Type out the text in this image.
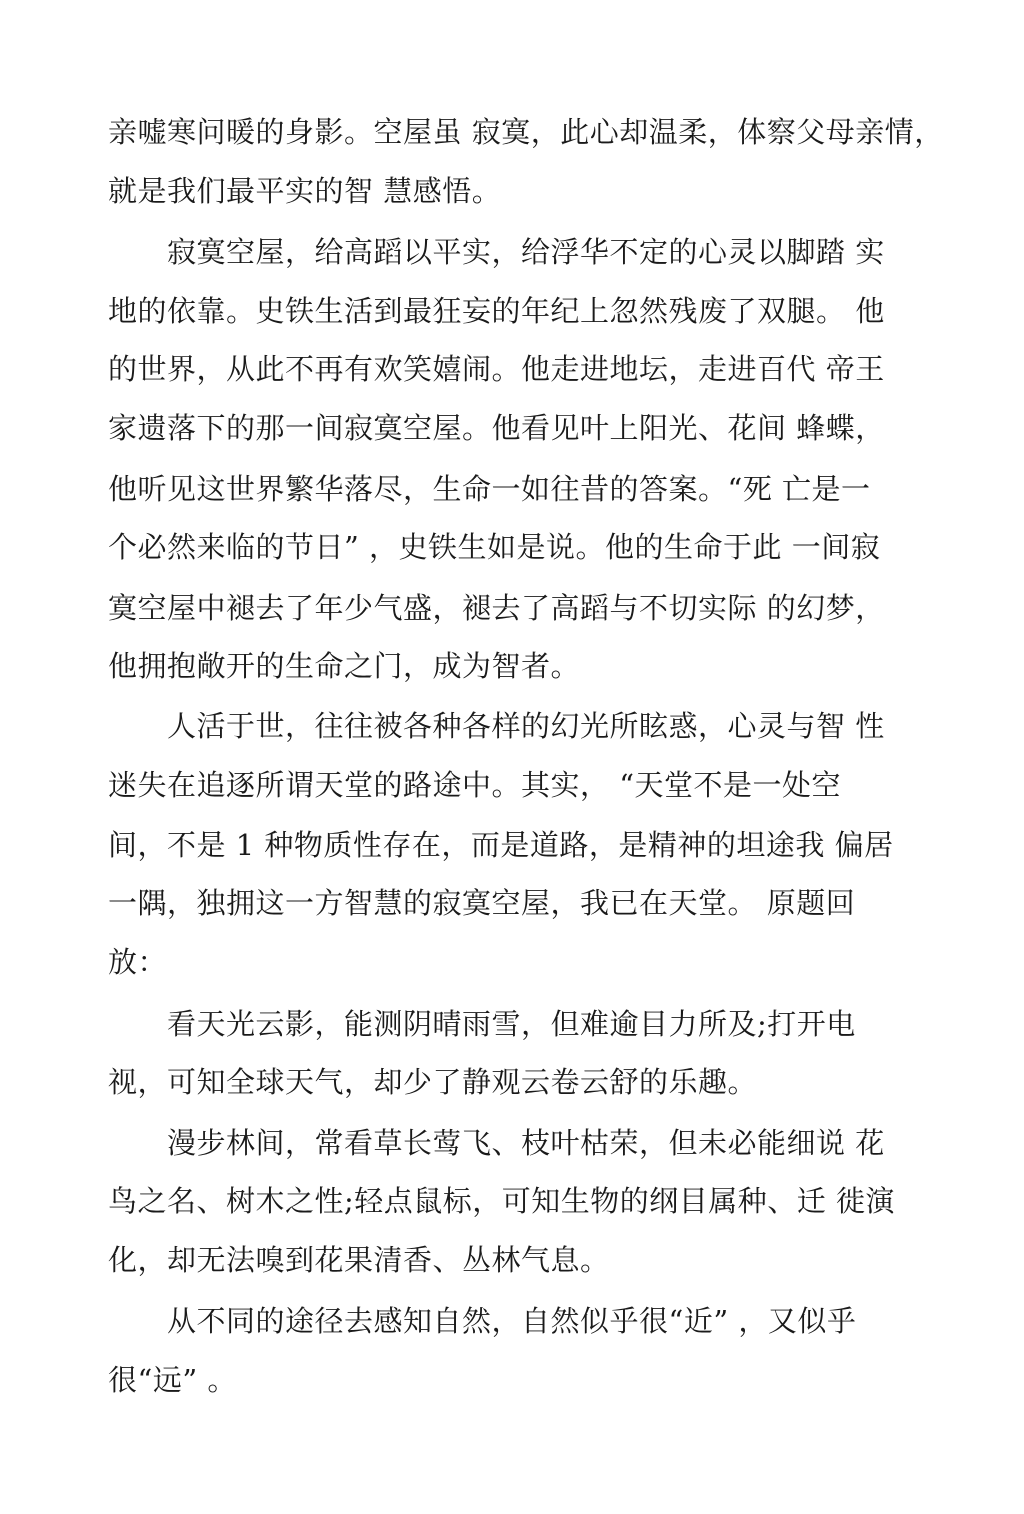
亲嘘寒问暖的身影。空屋虽 寂寞，此心却温柔，体察父母亲情，
就是我们最平实的智 慧感悟。
　　寂寞空屋，给高蹈以平实，给浮华不定的心灵以脚踏 实
地的依靠。史铁生活到最狂妄的年纪上忽然残废了双腿。 他
的世界，从此不再有欢笑嬉闹。他走进地坛，走进百代 帝王
家遗落下的那一间寂寞空屋。他看见叶上阳光、花间 蜂蝶，
他听见这世界繁华落尽，生命一如往昔的答案。“死 亡是一
个必然来临的节日” ，史铁生如是说。他的生命于此 一间寂
寞空屋中褪去了年少气盛，褪去了高蹈与不切实际 的幻梦，
他拥抱敞开的生命之门，成为智者。
　　人活于世，往往被各种各样的幻光所眩惑，心灵与智 性
迷失在追逐所谓天堂的路途中。其实， “天堂不是一处空
间，不是 1 种物质性存在，而是道路，是精神的坦途我 偏居
一隅，独拥这一方智慧的寂寞空屋，我已在天堂。 原题回
放：
　　看天光云影，能测阴晴雨雪，但难逾目力所及;打开电
视，可知全球天气，却少了静观云卷云舒的乐趣。
　　漫步林间，常看草长莺飞、枝叶枯荣，但未必能细说 花
鸟之名、树木之性;轻点鼠标，可知生物的纲目属种、迁 徙演
化，却无法嗅到花果清香、丛林气息。
　　从不同的途径去感知自然，自然似乎很“近” ，又似乎
很“远” 。
